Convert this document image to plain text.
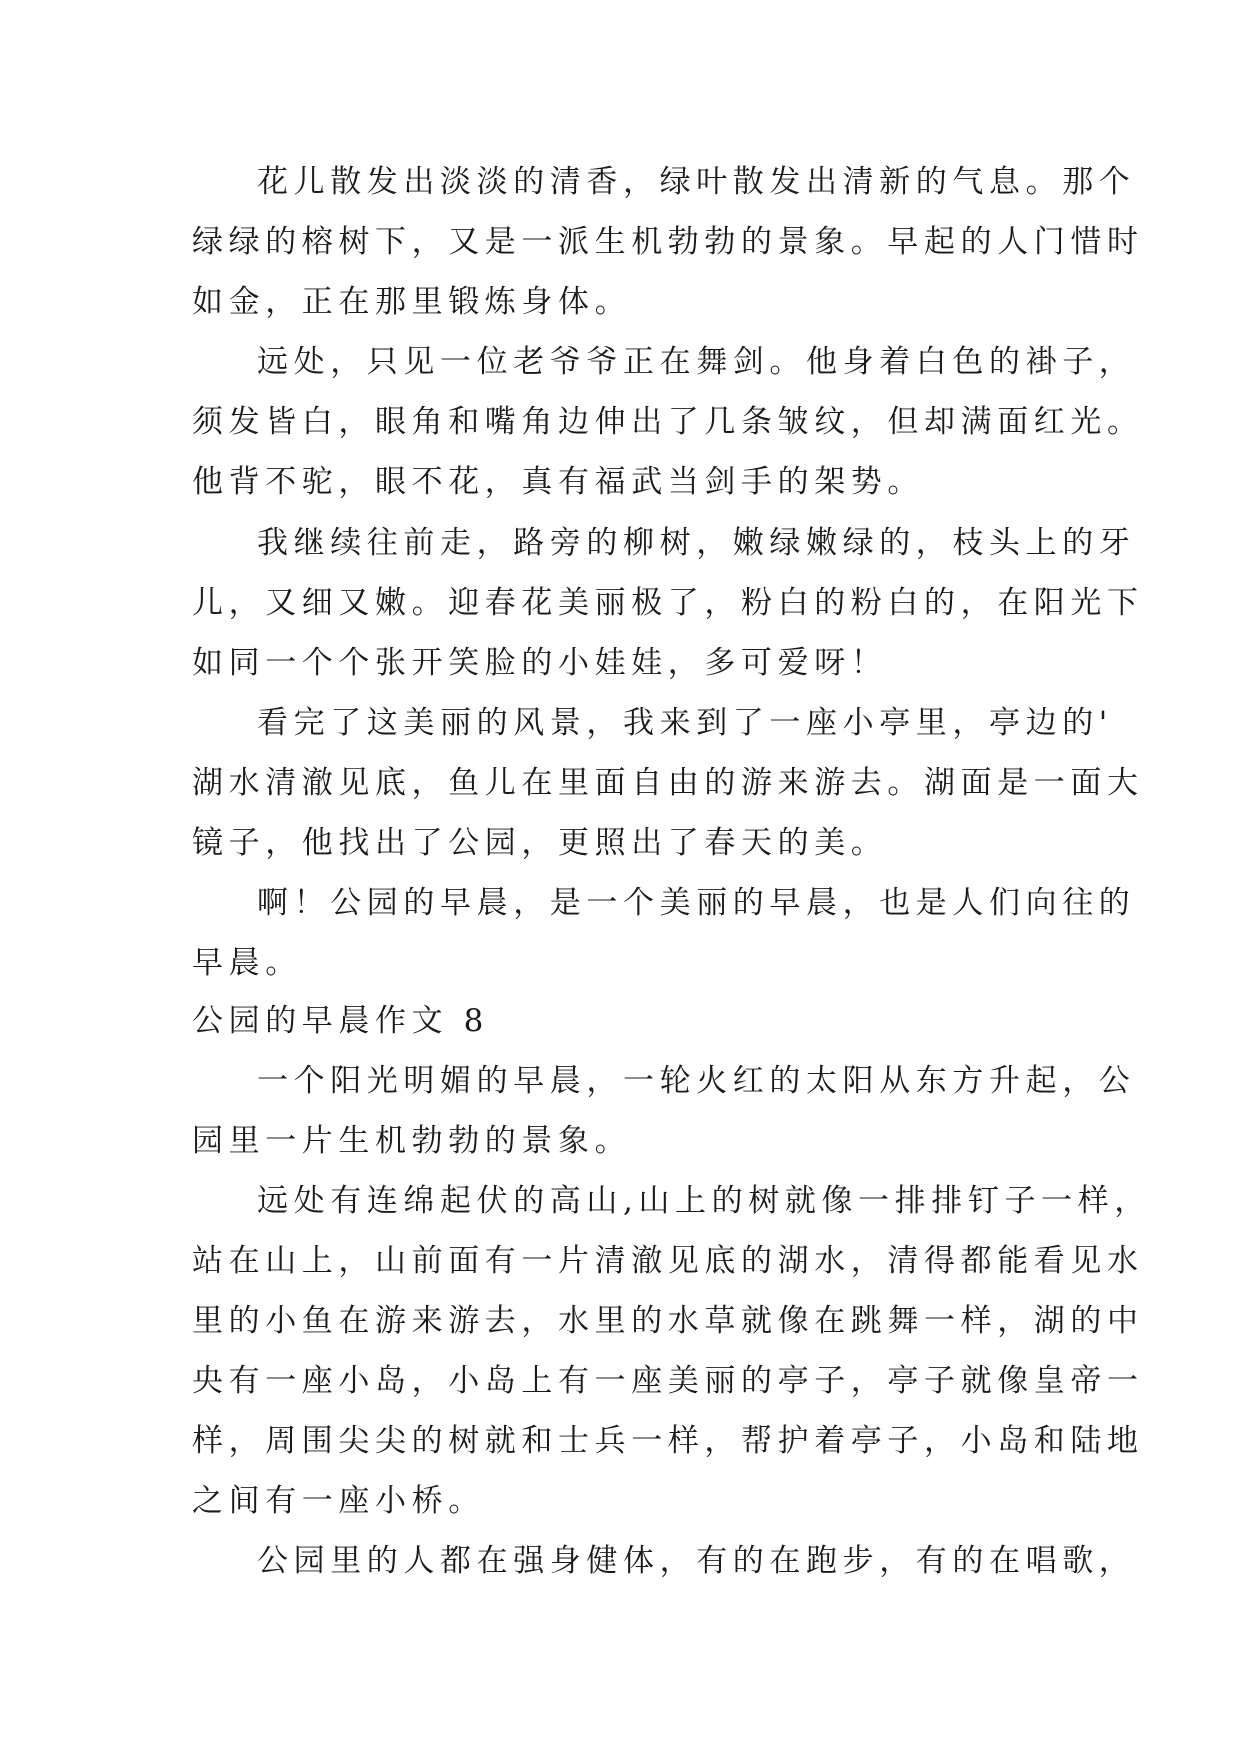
花儿散发出淡淡的清香，绿叶散发出清新的气息。那个
绿绿的榕树下，又是一派生机勃勃的景象。早起的人门惜时
如金，正在那里锻炼身体。
远处，只见一位老爷爷正在舞剑。他身着白色的褂子，
须发皆白，眼角和嘴角边伸出了几条皱纹，但却满面红光。
他背不驼，眼不花，真有福武当剑手的架势。
我继续往前走，路旁的柳树，嫩绿嫩绿的，枝头上的牙
儿，又细又嫩。迎春花美丽极了，粉白的粉白的，在阳光下
如同一个个张开笑脸的小娃娃，多可爱呀！
看完了这美丽的风景，我来到了一座小亭里，亭边的'
湖水清澈见底，鱼儿在里面自由的游来游去。湖面是一面大
镜子，他找出了公园，更照出了春天的美。
啊！公园的早晨，是一个美丽的早晨，也是人们向往的
早晨。
公园的早晨作文 8
一个阳光明媚的早晨，一轮火红的太阳从东方升起，公
园里一片生机勃勃的景象。
远处有连绵起伏的高山,山上的树就像一排排钉子一样，
站在山上，山前面有一片清澈见底的湖水，清得都能看见水
里的小鱼在游来游去，水里的水草就像在跳舞一样，湖的中
央有一座小岛，小岛上有一座美丽的亭子，亭子就像皇帝一
样，周围尖尖的树就和士兵一样，帮护着亭子，小岛和陆地
之间有一座小桥。
公园里的人都在强身健体，有的在跑步，有的在唱歌，
